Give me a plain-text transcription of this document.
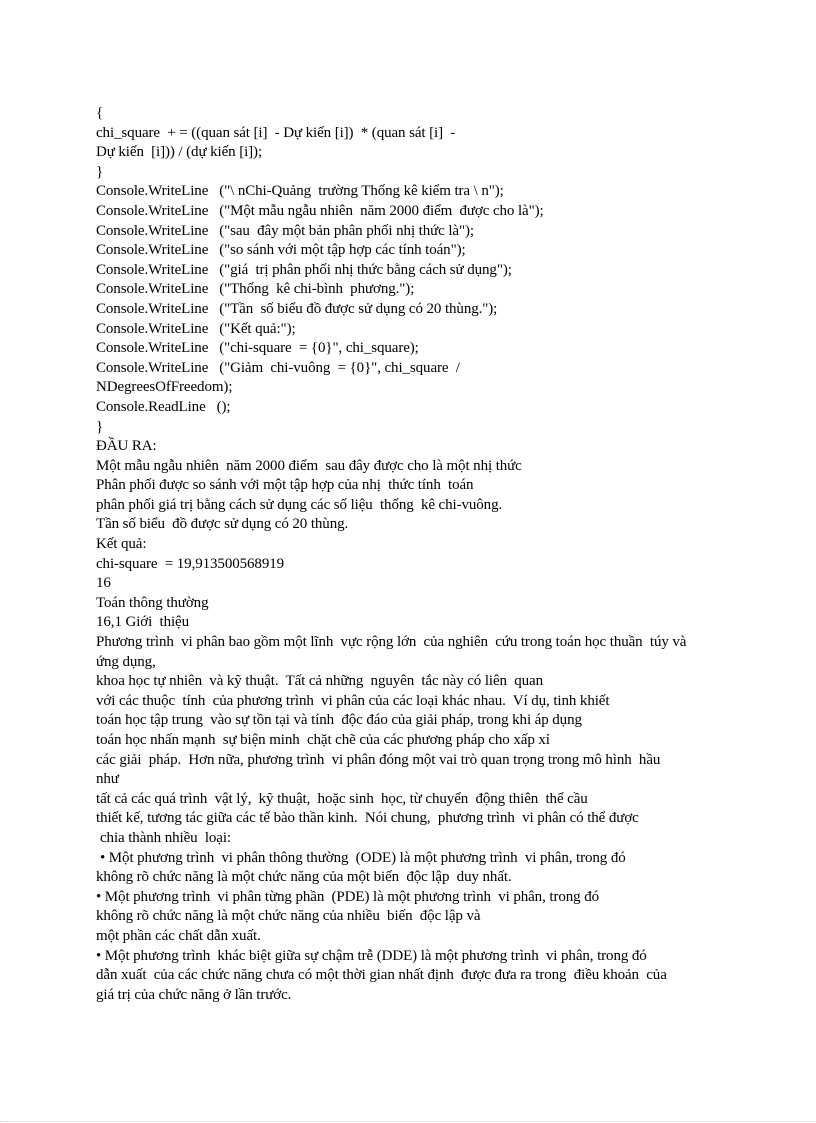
{
chi_square  + = ((quan sát [i]  - Dự kiến [i])  * (quan sát [i]  -
Dự kiến  [i])) / (dự kiến [i]);
}
Console.WriteLine   ("\ nChi-Quảng  trường Thống kê kiểm tra \ n");
Console.WriteLine   ("Một mẫu ngẫu nhiên  năm 2000 điểm  được cho là");
Console.WriteLine   ("sau  đây một bản phân phối nhị thức là");
Console.WriteLine   ("so sánh với một tập hợp các tính toán");
Console.WriteLine   ("giá  trị phân phối nhị thức bằng cách sử dụng");
Console.WriteLine   ("Thống  kê chi-bình  phương.");
Console.WriteLine   ("Tần  số biểu đồ được sử dụng có 20 thùng.");
Console.WriteLine   ("Kết quả:");
Console.WriteLine   ("chi-square  = {0}", chi_square);
Console.WriteLine   ("Giảm  chi-vuông  = {0}", chi_square  /
NDegreesOfFreedom);
Console.ReadLine   ();
}
ĐẦU RA:
Một mẫu ngẫu nhiên  năm 2000 điểm  sau đây được cho là một nhị thức
Phân phối được so sánh với một tập hợp của nhị  thức tính  toán
phân phối giá trị bằng cách sử dụng các số liệu  thống  kê chi-vuông.
Tần số biểu  đồ được sử dụng có 20 thùng.
Kết quả:
chi-square  = 19,913500568919
16
Toán thông thường
16,1 Giới  thiệu
Phương trình  vi phân bao gồm một lĩnh  vực rộng lớn  của nghiên  cứu trong toán học thuần  túy và
ứng dụng,
khoa học tự nhiên  và kỹ thuật.  Tất cả những  nguyên  tắc này có liên  quan
với các thuộc  tính  của phương trình  vi phân của các loại khác nhau.  Ví dụ, tinh khiết
toán học tập trung  vào sự tồn tại và tính  độc đáo của giải pháp, trong khi áp dụng
toán học nhấn mạnh  sự biện minh  chặt chẽ của các phương pháp cho xấp xỉ
các giải  pháp.  Hơn nữa, phương trình  vi phân đóng một vai trò quan trọng trong mô hình  hầu
như
tất cả các quá trình  vật lý,  kỹ thuật,  hoặc sinh  học, từ chuyển  động thiên  thể cầu
thiết kế, tương tác giữa các tế bào thần kinh.  Nói chung,  phương trình  vi phân có thể được
chia thành nhiều  loại:
• Một phương trình  vi phân thông thường  (ODE) là một phương trình  vi phân, trong đó
không rõ chức năng là một chức năng của một biến  độc lập  duy nhất.
• Một phương trình  vi phân từng phần  (PDE) là một phương trình  vi phân, trong đó
không rõ chức năng là một chức năng của nhiều  biến  độc lập và
một phần các chất dẫn xuất.
• Một phương trình  khác biệt giữa sự chậm trễ (DDE) là một phương trình  vi phân, trong đó
dẫn xuất  của các chức năng chưa có một thời gian nhất định  được đưa ra trong  điều khoản  của
giá trị của chức năng ở lần trước.
